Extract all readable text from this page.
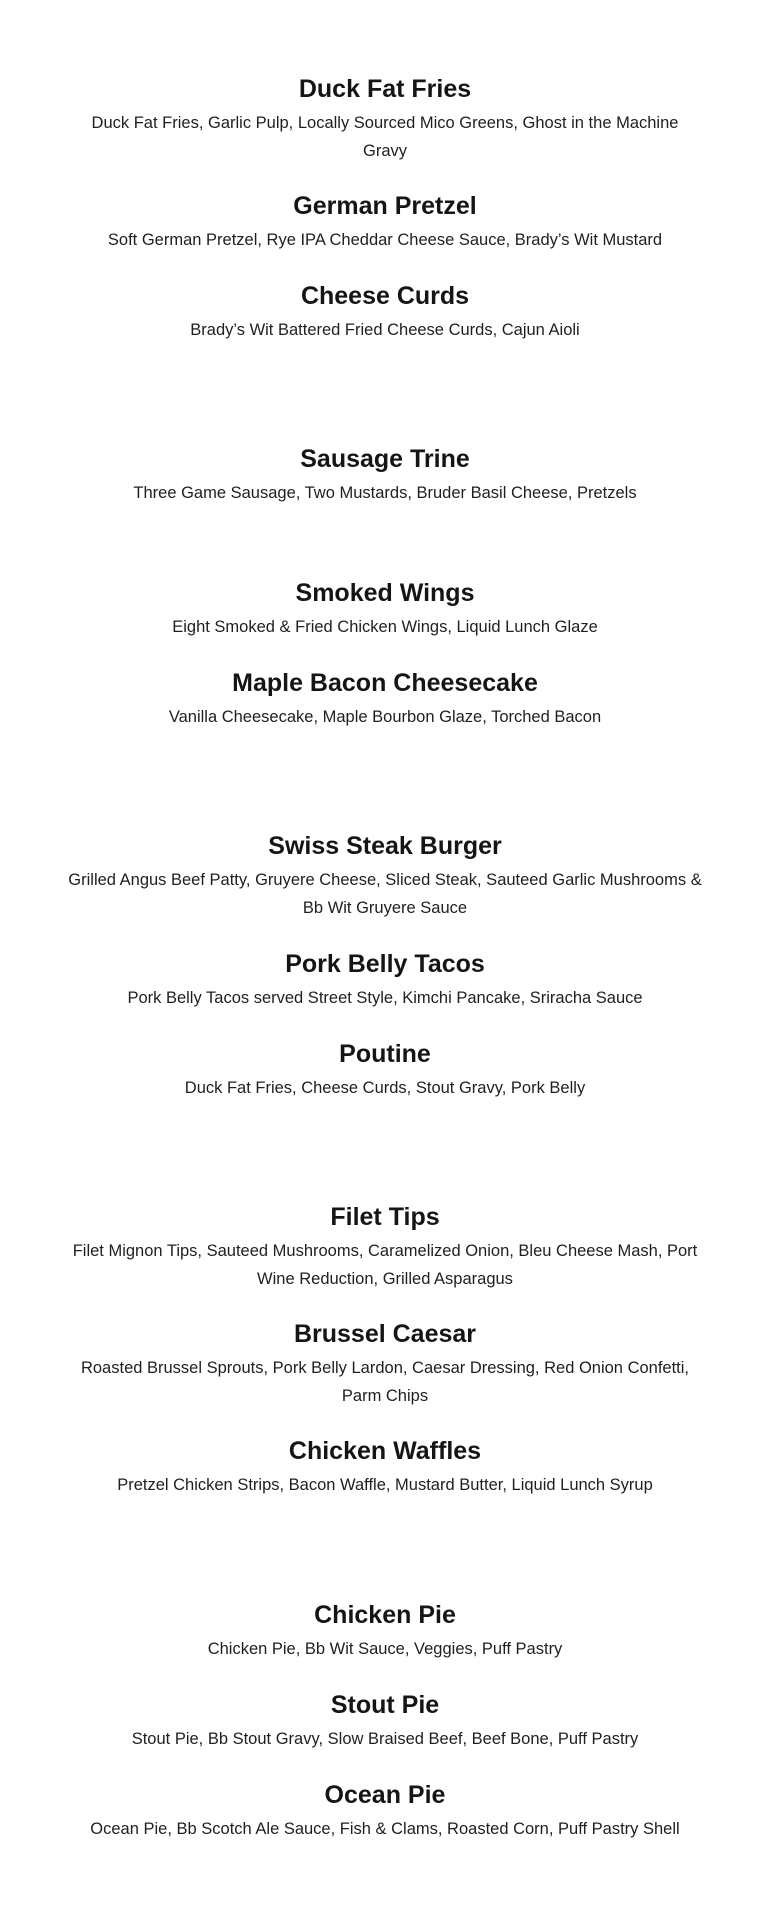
Duck Fat Fries

Duck Fat Fries, Garlic Pulp, Locally Sourced Mico Greens, Ghost in the Machine Gravy

German Pretzel

Soft German Pretzel, Rye IPA Cheddar Cheese Sauce, Brady’s Wit Mustard

Cheese Curds

Brady’s Wit Battered Fried Cheese Curds, Cajun Aioli

Sausage Trine

Three Game Sausage, Two Mustards, Bruder Basil Cheese, Pretzels

Smoked Wings

Eight Smoked & Fried Chicken Wings, Liquid Lunch Glaze

Maple Bacon Cheesecake

Vanilla Cheesecake, Maple Bourbon Glaze, Torched Bacon

Swiss Steak Burger

Grilled Angus Beef Patty, Gruyere Cheese, Sliced Steak, Sauteed Garlic Mushrooms & Bb Wit Gruyere Sauce

Pork Belly Tacos

Pork Belly Tacos served Street Style, Kimchi Pancake, Sriracha Sauce

Poutine

Duck Fat Fries, Cheese Curds, Stout Gravy, Pork Belly

Filet Tips

Filet Mignon Tips, Sauteed Mushrooms, Caramelized Onion, Bleu Cheese Mash, Port Wine Reduction, Grilled Asparagus

Brussel Caesar

Roasted Brussel Sprouts, Pork Belly Lardon, Caesar Dressing, Red Onion Confetti, Parm Chips

Chicken Waffles

Pretzel Chicken Strips, Bacon Waffle, Mustard Butter, Liquid Lunch Syrup

Chicken Pie

Chicken Pie, Bb Wit Sauce, Veggies, Puff Pastry

Stout Pie

Stout Pie, Bb Stout Gravy, Slow Braised Beef, Beef Bone, Puff Pastry

Ocean Pie

Ocean Pie, Bb Scotch Ale Sauce, Fish & Clams, Roasted Corn, Puff Pastry Shell
